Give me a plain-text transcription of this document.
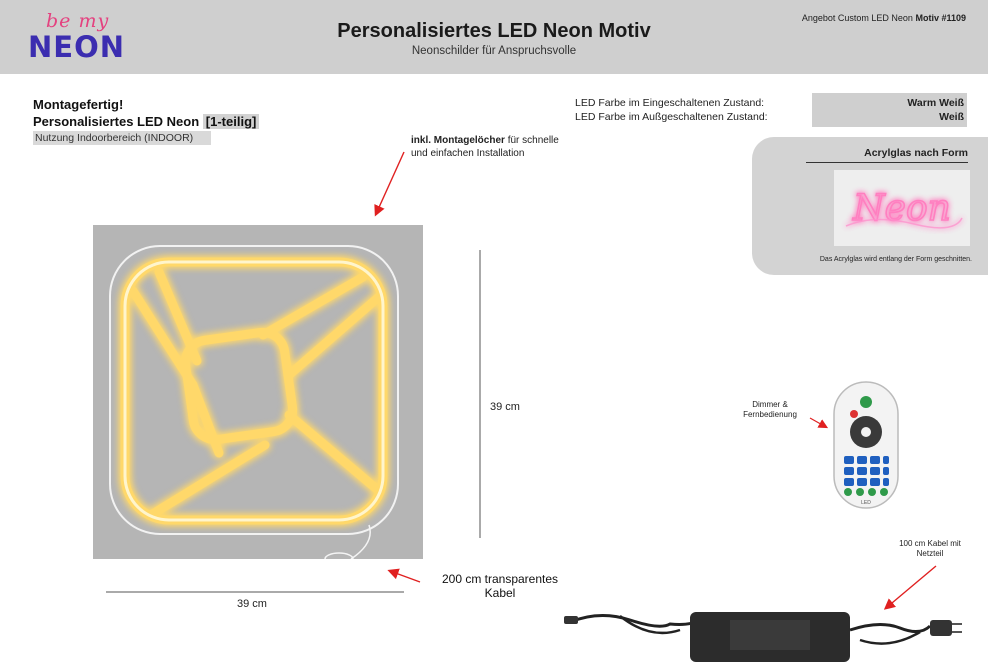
be my
NEON	Personalisiertes LED Neon Motiv
Neonschilder für Anspruchsvolle
Angebot Custom LED Neon Motiv #1109
Montagefertig!
Personalisiertes LED Neon [1-teilig]
Nutzung Indoorbereich (INDOOR)
LED Farbe im Eingeschaltenen Zustand:	Warm Weiß
LED Farbe im Außgeschaltenen Zustand:	Weiß
Acrylglas nach Form
Neon
Das Acrylglas wird entlang der Form geschnitten.
inkl. Montagelöcher für schnelle
und einfachen Installation
39 cm
39 cm
200 cm transparentes
Kabel
100 cm Kabel mit
Netzteil
Dimmer &
Fernbedienung
LED
